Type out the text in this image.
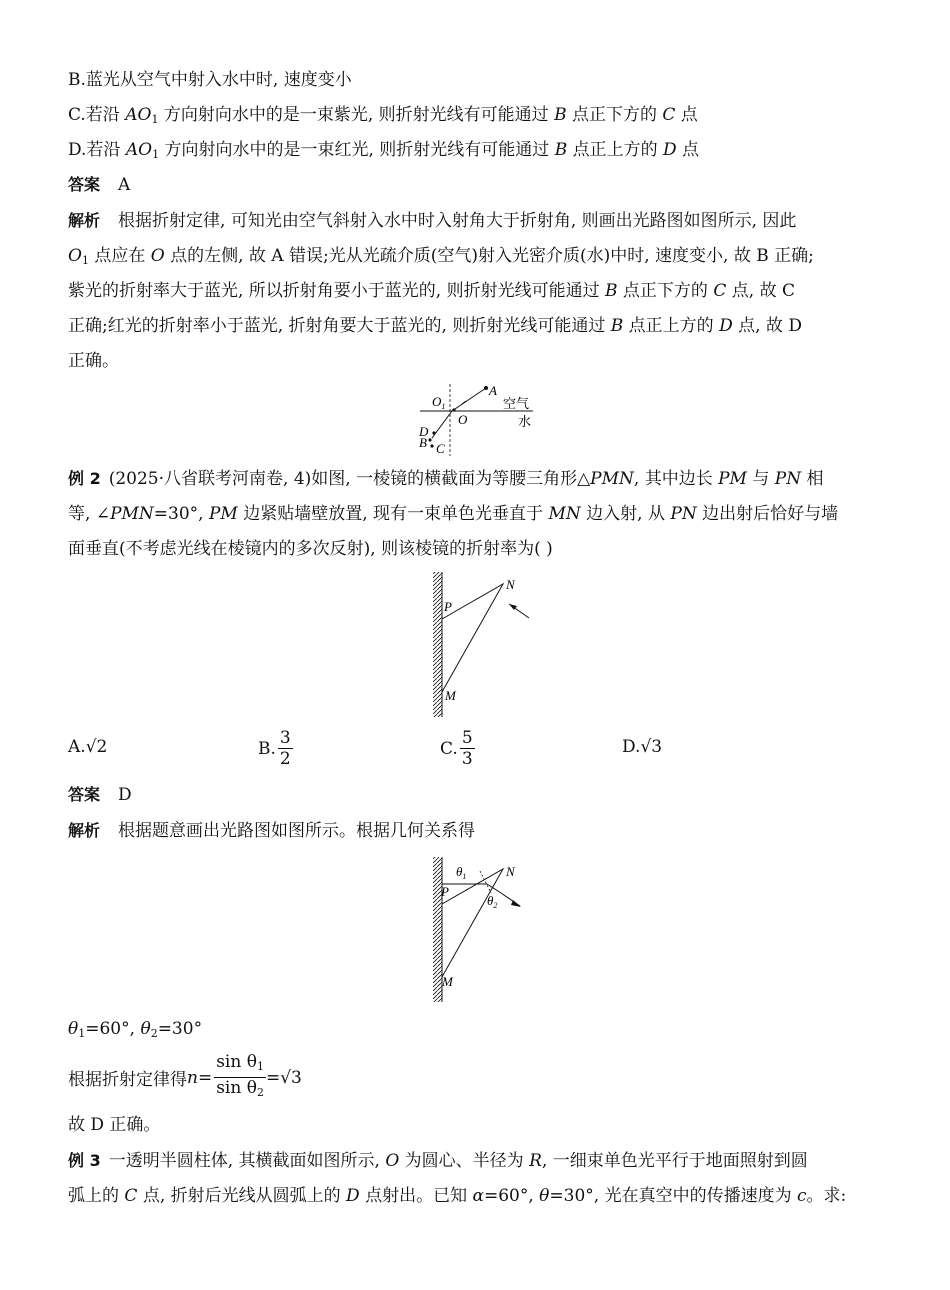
B.蓝光从空气中射入水中时, 速度变小
C.若沿 $AO_1$ 方向射向水中的是一束紫光, 则折射光线有可能通过 B 点正下方的 C 点
D.若沿 $AO_1$ 方向射向水中的是一束红光, 则折射光线有可能通过 B 点正上方的 D 点
答案 A
解析 根据折射定律, 可知光由空气斜射入水中时入射角大于折射角, 则画出光路图如图所示, 因此
$O_1$ 点应在 O 点的左侧, 故 A 错误;光从光疏介质(空气)射入光密介质(水)中时, 速度变小, 故 B 正确;
紫光的折射率大于蓝光, 所以折射角要小于蓝光的, 则折射光线可能通过 B 点正下方的 C 点, 故 C
正确;红光的折射率小于蓝光, 折射角要大于蓝光的, 则折射光线可能通过 B 点正上方的 D 点, 故 D
正确。
$O_1$
O
A
空气
水
D
B C
例 2 (2025·八省联考河南卷, 4)如图, 一棱镜的横截面为等腰三角形△PMN, 其中边长 PM 与 PN 相
等, ∠PMN=30°, PM 边紧贴墙壁放置, 现有一束单色光垂直于 MN 边入射, 从 PN 边出射后恰好与墙
面垂直(不考虑光线在棱镜内的多次反射), 则该棱镜的折射率为( )
N
P
M
A. √2	B. $\frac{3}{2}$	C. $\frac{5}{3}$	D. √3
答案 D
解析 根据题意画出光路图如图所示。根据几何关系得
$\theta_1$
$\theta_2$
N
P
M
$\theta_1=60^\circ$, $\theta_2=30^\circ$
根据折射定律得 $n = \frac{\sin \theta_1}{\sin \theta_2} =√3$
故 D 正确。
例 3 一透明半圆柱体, 其横截面如图所示, O 为圆心、半径为 R, 一细束单色光平行于地面照射到圆
弧上的 C 点, 折射后光线从圆弧上的 D 点射出。已知 α=60°, θ=30°, 光在真空中的传播速度为 c。求:
